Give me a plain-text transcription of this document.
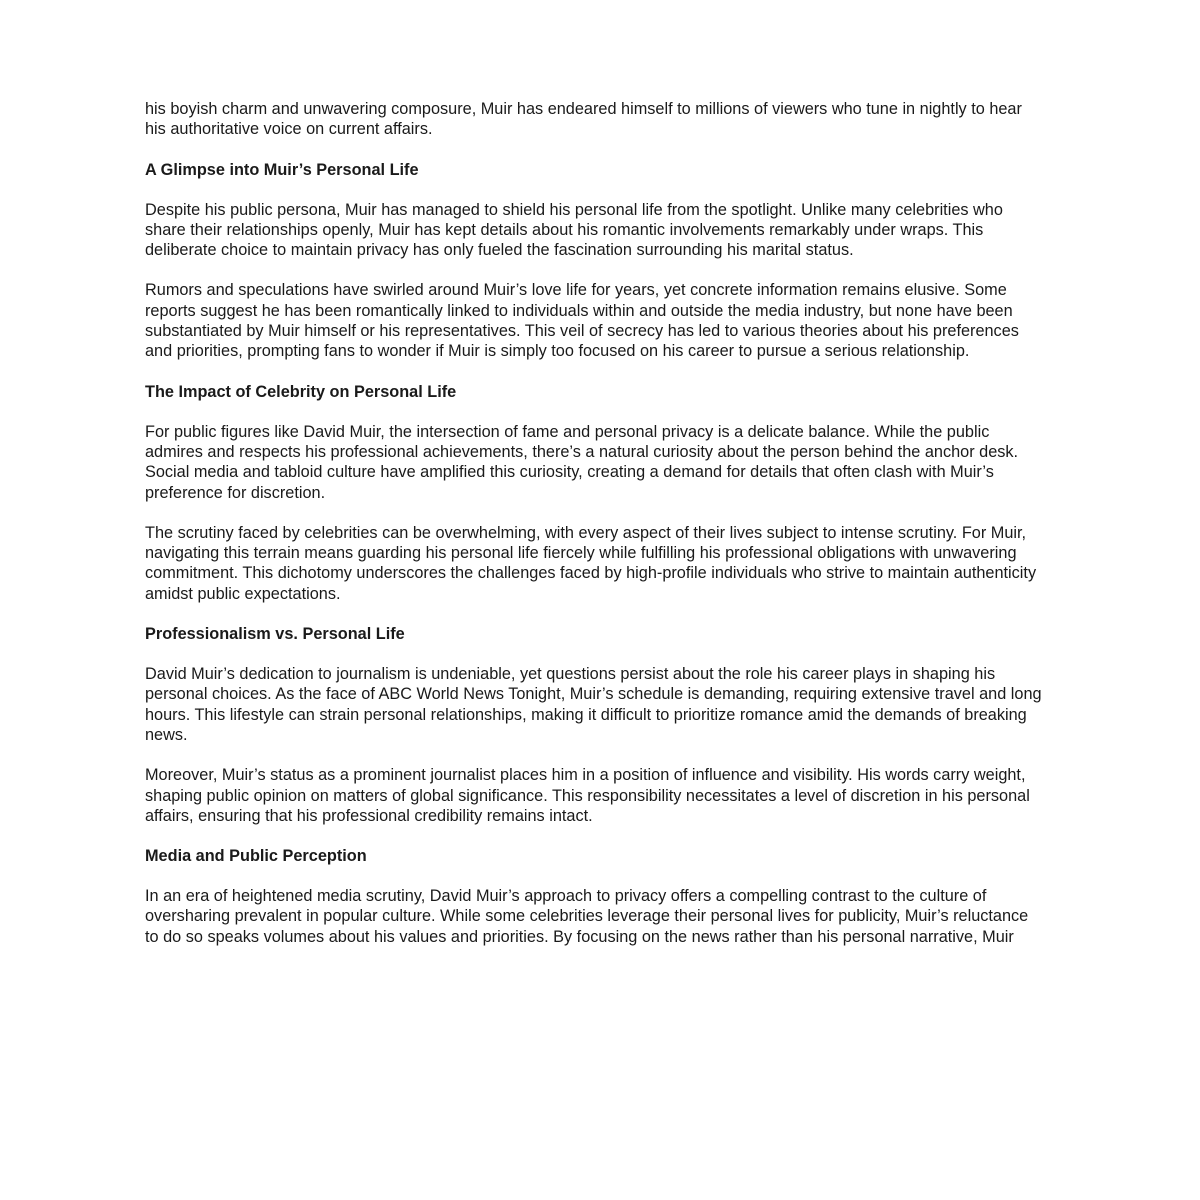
his boyish charm and unwavering composure, Muir has endeared himself to millions of viewers who tune in nightly to hear his authoritative voice on current affairs.

A Glimpse into Muir’s Personal Life

Despite his public persona, Muir has managed to shield his personal life from the spotlight. Unlike many celebrities who share their relationships openly, Muir has kept details about his romantic involvements remarkably under wraps. This deliberate choice to maintain privacy has only fueled the fascination surrounding his marital status.

Rumors and speculations have swirled around Muir’s love life for years, yet concrete information remains elusive. Some reports suggest he has been romantically linked to individuals within and outside the media industry, but none have been substantiated by Muir himself or his representatives. This veil of secrecy has led to various theories about his preferences and priorities, prompting fans to wonder if Muir is simply too focused on his career to pursue a serious relationship.

The Impact of Celebrity on Personal Life

For public figures like David Muir, the intersection of fame and personal privacy is a delicate balance. While the public admires and respects his professional achievements, there’s a natural curiosity about the person behind the anchor desk. Social media and tabloid culture have amplified this curiosity, creating a demand for details that often clash with Muir’s preference for discretion.

The scrutiny faced by celebrities can be overwhelming, with every aspect of their lives subject to intense scrutiny. For Muir, navigating this terrain means guarding his personal life fiercely while fulfilling his professional obligations with unwavering commitment. This dichotomy underscores the challenges faced by high-profile individuals who strive to maintain authenticity amidst public expectations.

Professionalism vs. Personal Life

David Muir’s dedication to journalism is undeniable, yet questions persist about the role his career plays in shaping his personal choices. As the face of ABC World News Tonight, Muir’s schedule is demanding, requiring extensive travel and long hours. This lifestyle can strain personal relationships, making it difficult to prioritize romance amid the demands of breaking news.

Moreover, Muir’s status as a prominent journalist places him in a position of influence and visibility. His words carry weight, shaping public opinion on matters of global significance. This responsibility necessitates a level of discretion in his personal affairs, ensuring that his professional credibility remains intact.

Media and Public Perception

In an era of heightened media scrutiny, David Muir’s approach to privacy offers a compelling contrast to the culture of oversharing prevalent in popular culture. While some celebrities leverage their personal lives for publicity, Muir’s reluctance to do so speaks volumes about his values and priorities. By focusing on the news rather than his personal narrative, Muir
